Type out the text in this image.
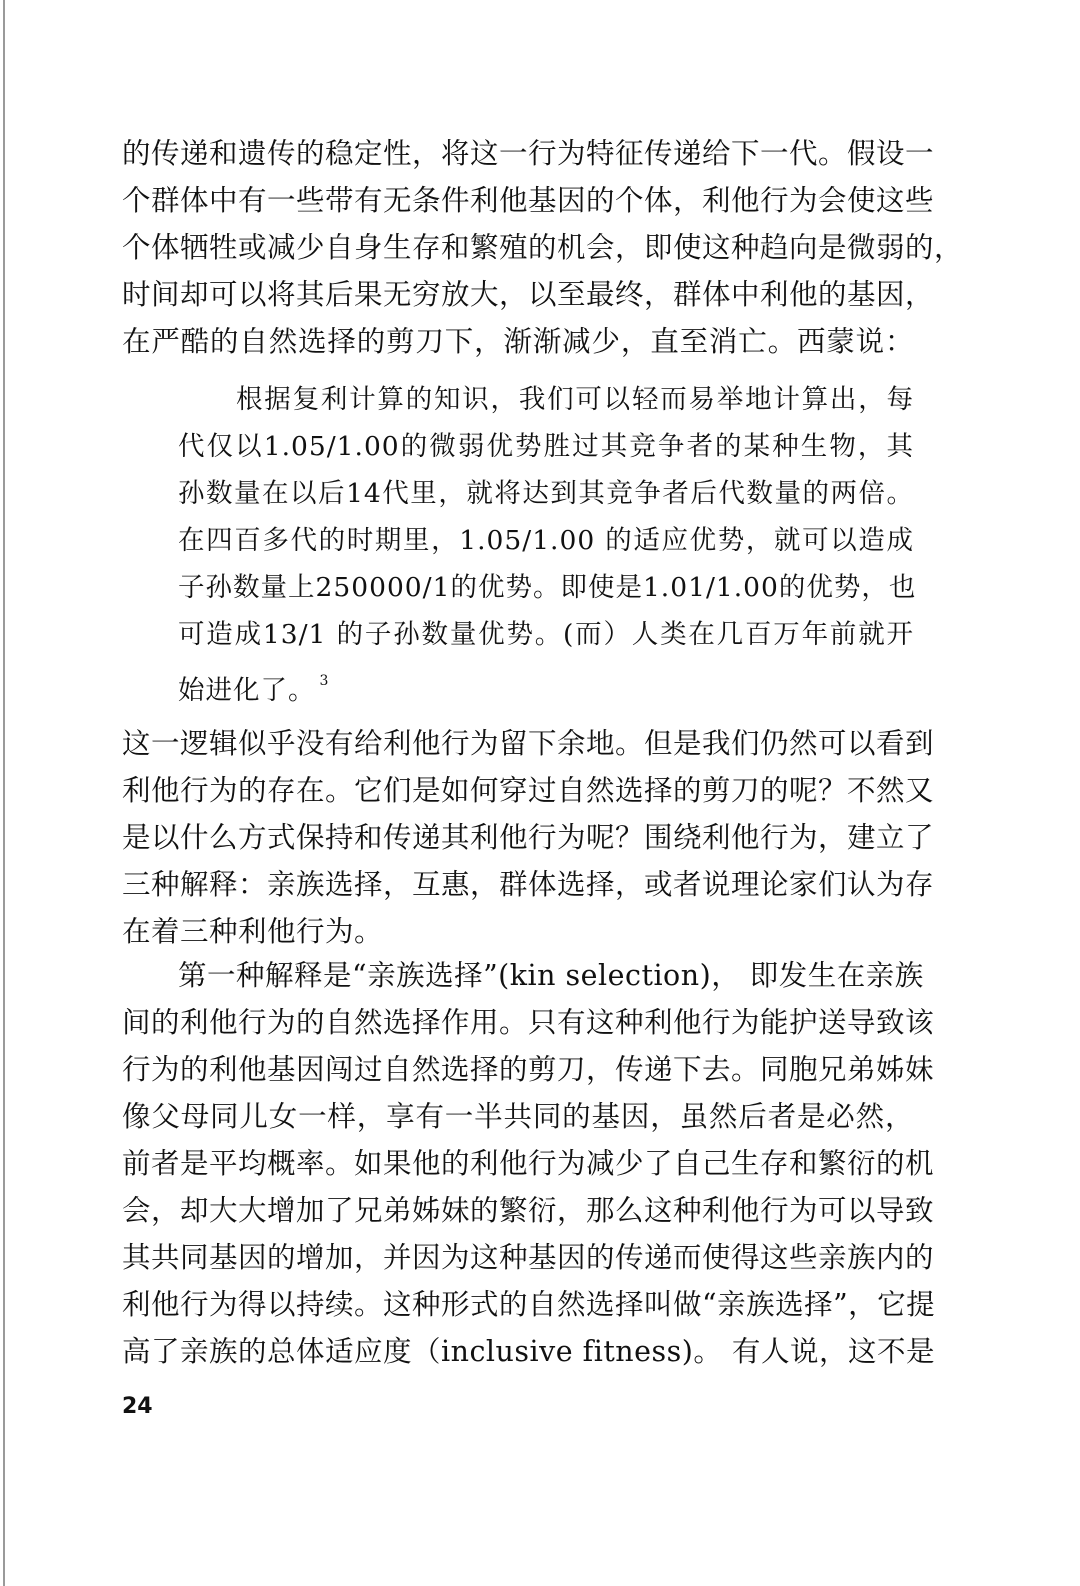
的传递和遗传的稳定性，将这一行为特征传递给下一代。假设一
个群体中有一些带有无条件利他基因的个体，利他行为会使这些
个体牺牲或减少自身生存和繁殖的机会，即使这种趋向是微弱的，
时间却可以将其后果无穷放大，以至最终，群体中利他的基因，
在严酷的自然选择的剪刀下，渐渐减少，直至消亡。西蒙说：
根据复利计算的知识，我们可以轻而易举地计算出，每
代仅以1.05/1.00的微弱优势胜过其竞争者的某种生物，其
孙数量在以后14代里，就将达到其竞争者后代数量的两倍。
在四百多代的时期里，1.05/1.00 的适应优势，就可以造成
子孙数量上250000/1的优势。即使是1.01/1.00的优势，也
可造成13/1 的子孙数量优势。(而）人类在几百万年前就开
始进化了。 $^3$
这一逻辑似乎没有给利他行为留下余地。但是我们仍然可以看到
利他行为的存在。它们是如何穿过自然选择的剪刀的呢？不然又
是以什么方式保持和传递其利他行为呢？围绕利他行为，建立了
三种解释：亲族选择，互惠，群体选择，或者说理论家们认为存
在着三种利他行为。
第一种解释是“亲族选择”(kin selection)， 即发生在亲族
间的利他行为的自然选择作用。只有这种利他行为能护送导致该
行为的利他基因闯过自然选择的剪刀，传递下去。同胞兄弟姊妹
像父母同儿女一样，享有一半共同的基因，虽然后者是必然，
前者是平均概率。如果他的利他行为减少了自己生存和繁衍的机
会，却大大增加了兄弟姊妹的繁衍，那么这种利他行为可以导致
其共同基因的增加，并因为这种基因的传递而使得这些亲族内的
利他行为得以持续。这种形式的自然选择叫做“亲族选择”，它提
高了亲族的总体适应度（inclusive fitness)。 有人说，这不是
24
